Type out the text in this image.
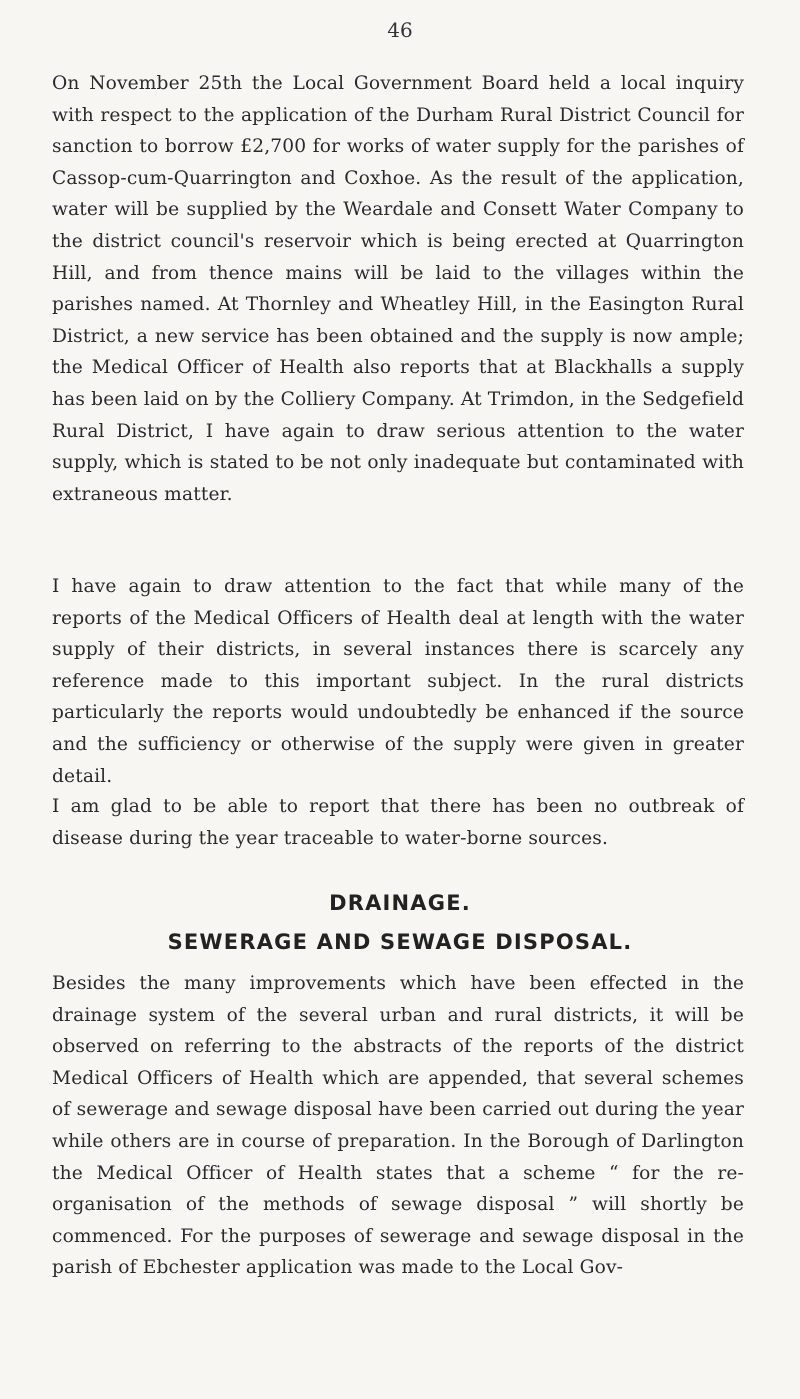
46

On November 25th the Local Government Board held a local inquiry with respect to the application of the Durham Rural District Council for sanction to borrow £2,700 for works of water supply for the parishes of Cassop-cum-Quarrington and Coxhoe. As the result of the application, water will be supplied by the Weardale and Consett Water Company to the district council's reservoir which is being erected at Quarrington Hill, and from thence mains will be laid to the villages within the parishes named. At Thornley and Wheatley Hill, in the Easington Rural District, a new service has been obtained and the supply is now ample; the Medical Officer of Health also reports that at Blackhalls a supply has been laid on by the Colliery Company. At Trimdon, in the Sedgefield Rural District, I have again to draw serious attention to the water supply, which is stated to be not only inadequate but contaminated with extraneous matter.

I have again to draw attention to the fact that while many of the reports of the Medical Officers of Health deal at length with the water supply of their districts, in several instances there is scarcely any reference made to this important subject. In the rural districts particularly the reports would undoubtedly be enhanced if the source and the sufficiency or otherwise of the supply were given in greater detail.

I am glad to be able to report that there has been no outbreak of disease during the year traceable to water-borne sources.

DRAINAGE.
SEWERAGE AND SEWAGE DISPOSAL.

Besides the many improvements which have been effected in the drainage system of the several urban and rural districts, it will be observed on referring to the abstracts of the reports of the district Medical Officers of Health which are appended, that several schemes of sewerage and sewage disposal have been carried out during the year while others are in course of preparation. In the Borough of Darlington the Medical Officer of Health states that a scheme “ for the re-organisation of the methods of sewage disposal ” will shortly be commenced. For the purposes of sewerage and sewage disposal in the parish of Ebchester application was made to the Local Gov-
